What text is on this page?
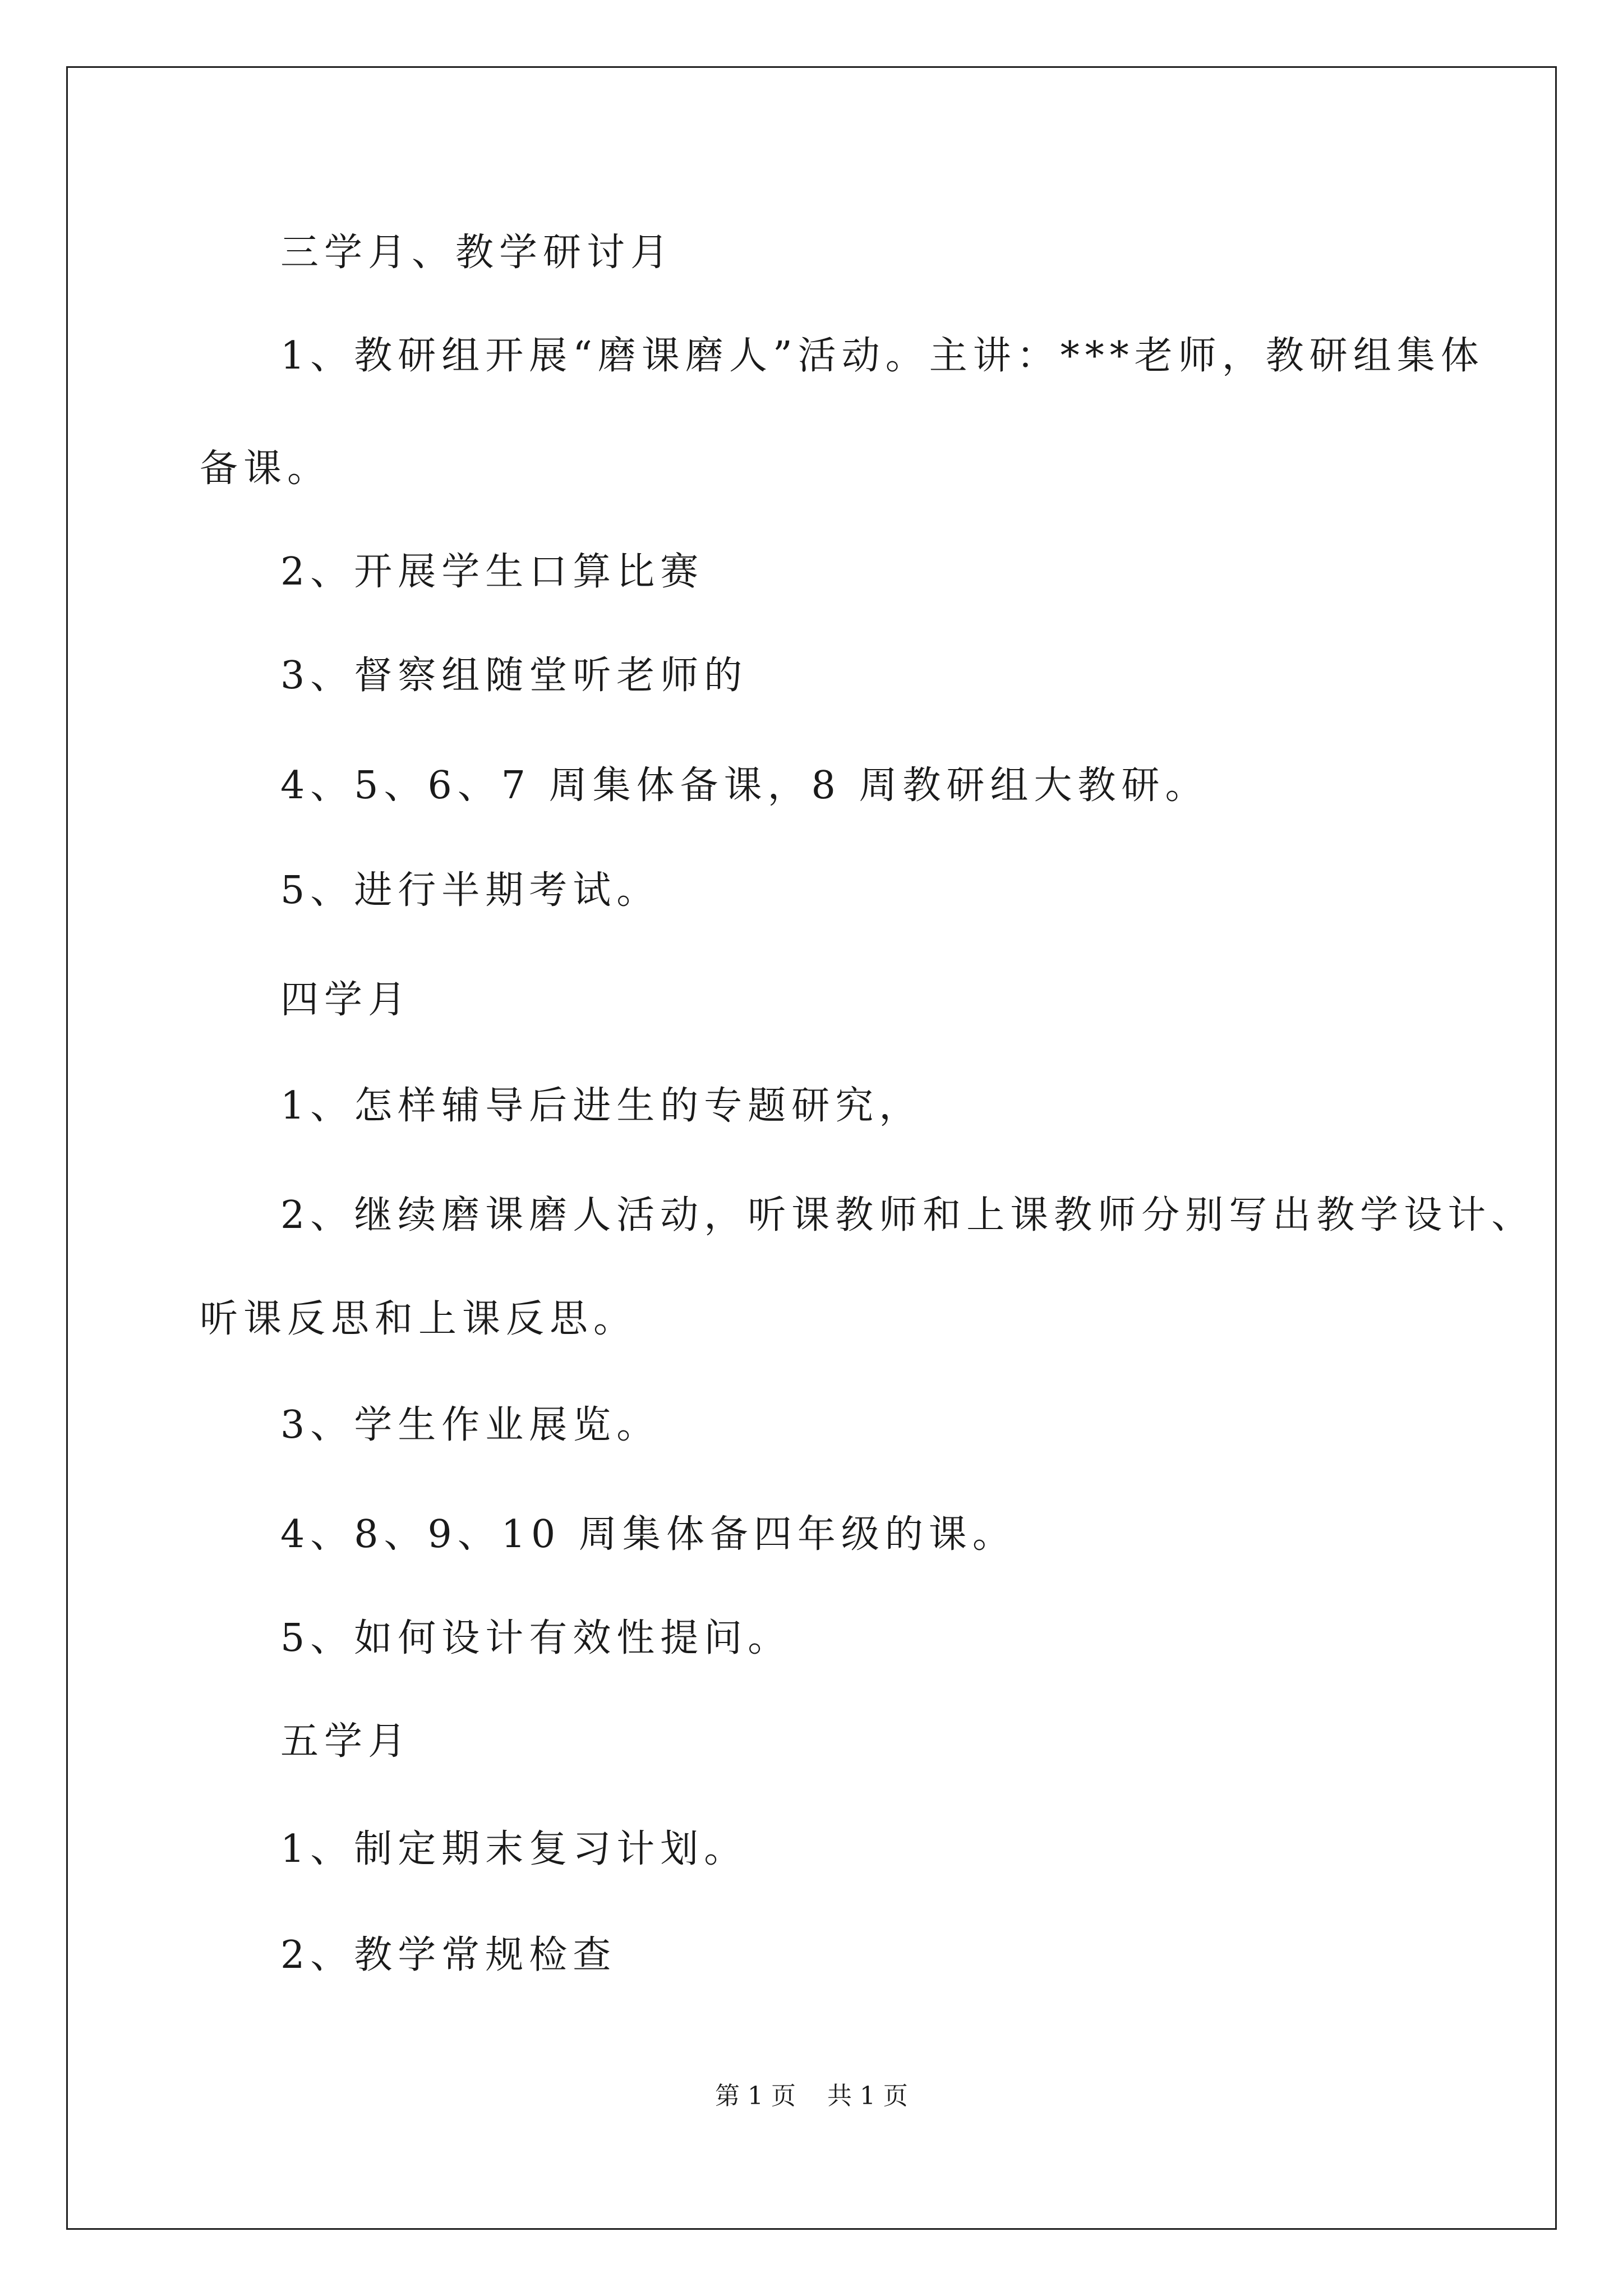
三学月、教学研讨月
1、教研组开展“磨课磨人”活动。主讲：***老师，教研组集体
备课。
2、开展学生口算比赛
3、督察组随堂听老师的
4、5、6、7 周集体备课，8 周教研组大教研。
5、进行半期考试。
四学月
1、怎样辅导后进生的专题研究，
2、继续磨课磨人活动，听课教师和上课教师分别写出教学设计、
听课反思和上课反思。
3、学生作业展览。
4、8、9、10 周集体备四年级的课。
5、如何设计有效性提问。
五学月
1、制定期末复习计划。
2、教学常规检查
第 1 页    共 1 页
